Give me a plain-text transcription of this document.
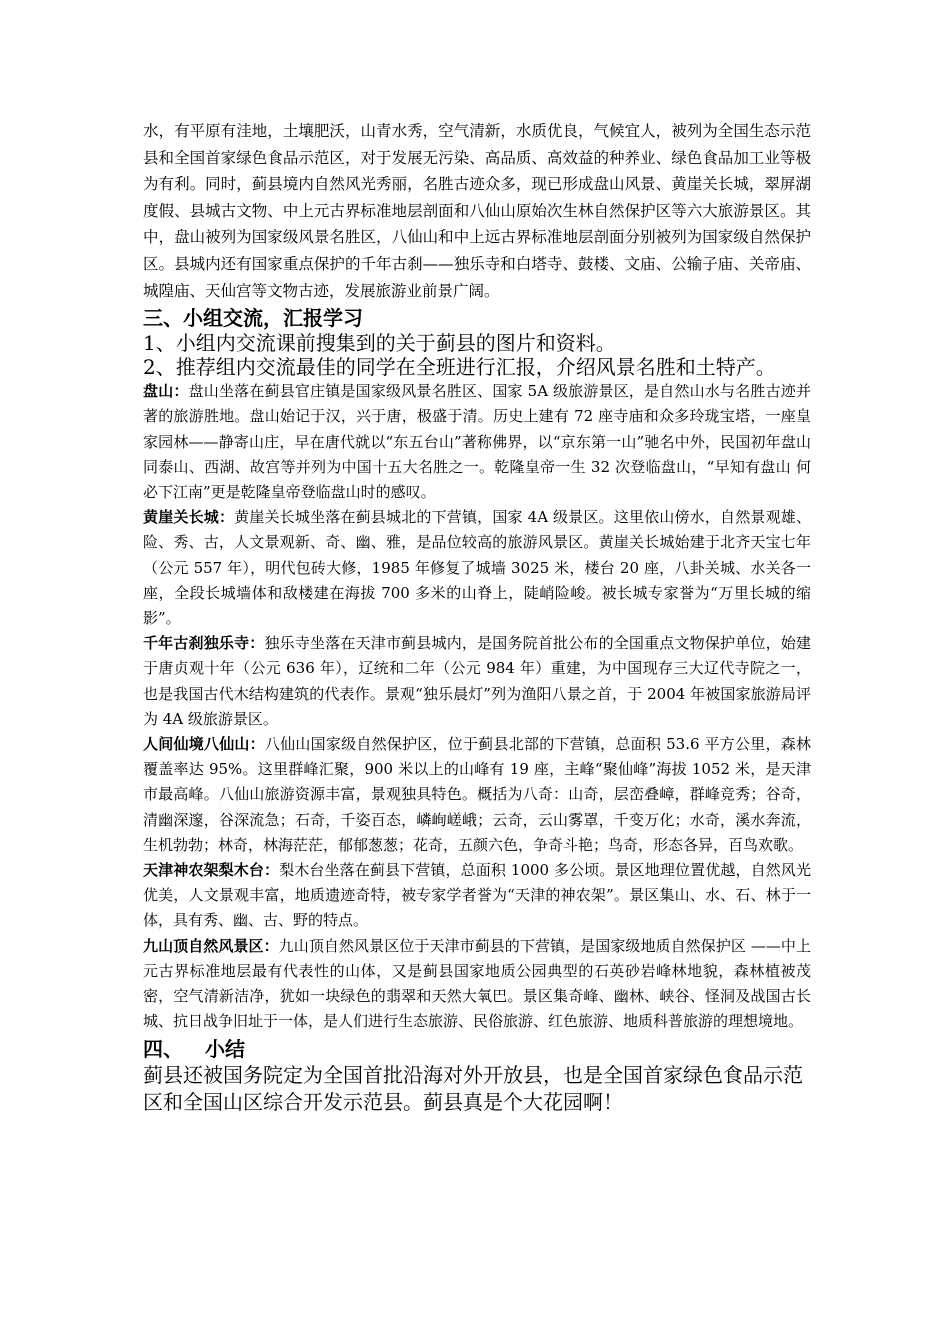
水，有平原有洼地，土壤肥沃，山青水秀，空气清新，水质优良，气候宜人，被列为全国生态示范县和全国首家绿色食品示范区，对于发展无污染、高品质、高效益的种养业、绿色食品加工业等极为有利。同时，蓟县境内自然风光秀丽，名胜古迹众多，现已形成盘山风景、黄崖关长城，翠屏湖度假、县城古文物、中上元古界标准地层剖面和八仙山原始次生林自然保护区等六大旅游景区。其中，盘山被列为国家级风景名胜区，八仙山和中上远古界标准地层剖面分别被列为国家级自然保护区。县城内还有国家重点保护的千年古刹——独乐寺和白塔寺、鼓楼、文庙、公输子庙、关帝庙、城隍庙、天仙宫等文物古迹，发展旅游业前景广阔。

三、小组交流，汇报学习

1、小组内交流课前搜集到的关于蓟县的图片和资料。

2、推荐组内交流最佳的同学在全班进行汇报，介绍风景名胜和土特产。

盘山：盘山坐落在蓟县官庄镇是国家级风景名胜区、国家 5A 级旅游景区，是自然山水与名胜古迹并著的旅游胜地。盘山始记于汉，兴于唐，极盛于清。历史上建有 72 座寺庙和众多玲珑宝塔，一座皇家园林——静寄山庄，早在唐代就以“东五台山”著称佛界，以“京东第一山”驰名中外，民国初年盘山同泰山、西湖、故宫等并列为中国十五大名胜之一。乾隆皇帝一生 32 次登临盘山，“早知有盘山 何必下江南”更是乾隆皇帝登临盘山时的感叹。

黄崖关长城：黄崖关长城坐落在蓟县城北的下营镇，国家 4A 级景区。这里依山傍水，自然景观雄、险、秀、古，人文景观新、奇、幽、雅，是品位较高的旅游风景区。黄崖关长城始建于北齐天宝七年（公元 557 年），明代包砖大修，1985 年修复了城墙 3025 米，楼台 20 座，八卦关城、水关各一座，全段长城墙体和敌楼建在海拔 700 多米的山脊上，陡峭险峻。被长城专家誉为“万里长城的缩影”。

千年古刹独乐寺：独乐寺坐落在天津市蓟县城内，是国务院首批公布的全国重点文物保护单位，始建于唐贞观十年（公元 636 年），辽统和二年（公元 984 年）重建，为中国现存三大辽代寺院之一，也是我国古代木结构建筑的代表作。景观“独乐晨灯”列为渔阳八景之首，于 2004 年被国家旅游局评为 4A 级旅游景区。

人间仙境八仙山：八仙山国家级自然保护区，位于蓟县北部的下营镇，总面积 53.6 平方公里，森林覆盖率达 95%。这里群峰汇聚，900 米以上的山峰有 19 座，主峰“聚仙峰”海拔 1052 米，是天津市最高峰。八仙山旅游资源丰富，景观独具特色。概括为八奇：山奇，层峦叠嶂，群峰竞秀；谷奇，清幽深邃，谷深流急；石奇，千姿百态，嶙峋嵯峨；云奇，云山雾罩，千变万化；水奇，溪水奔流，生机勃勃；林奇，林海茫茫，郁郁葱葱；花奇，五颜六色，争奇斗艳；鸟奇，形态各异，百鸟欢歌。

天津神农架梨木台：梨木台坐落在蓟县下营镇，总面积 1000 多公顷。景区地理位置优越，自然风光优美，人文景观丰富，地质遗迹奇特，被专家学者誉为“天津的神农架”。景区集山、水、石、林于一体，具有秀、幽、古、野的特点。

九山顶自然风景区：九山顶自然风景区位于天津市蓟县的下营镇，是国家级地质自然保护区 ——中上元古界标准地层最有代表性的山体，又是蓟县国家地质公园典型的石英砂岩峰林地貌，森林植被茂密，空气清新洁净，犹如一块绿色的翡翠和天然大氧巴。景区集奇峰、幽林、峡谷、怪洞及战国古长城、抗日战争旧址于一体，是人们进行生态旅游、民俗旅游、红色旅游、地质科普旅游的理想境地。

四、 小结

蓟县还被国务院定为全国首批沿海对外开放县，也是全国首家绿色食品示范区和全国山区综合开发示范县。蓟县真是个大花园啊！
